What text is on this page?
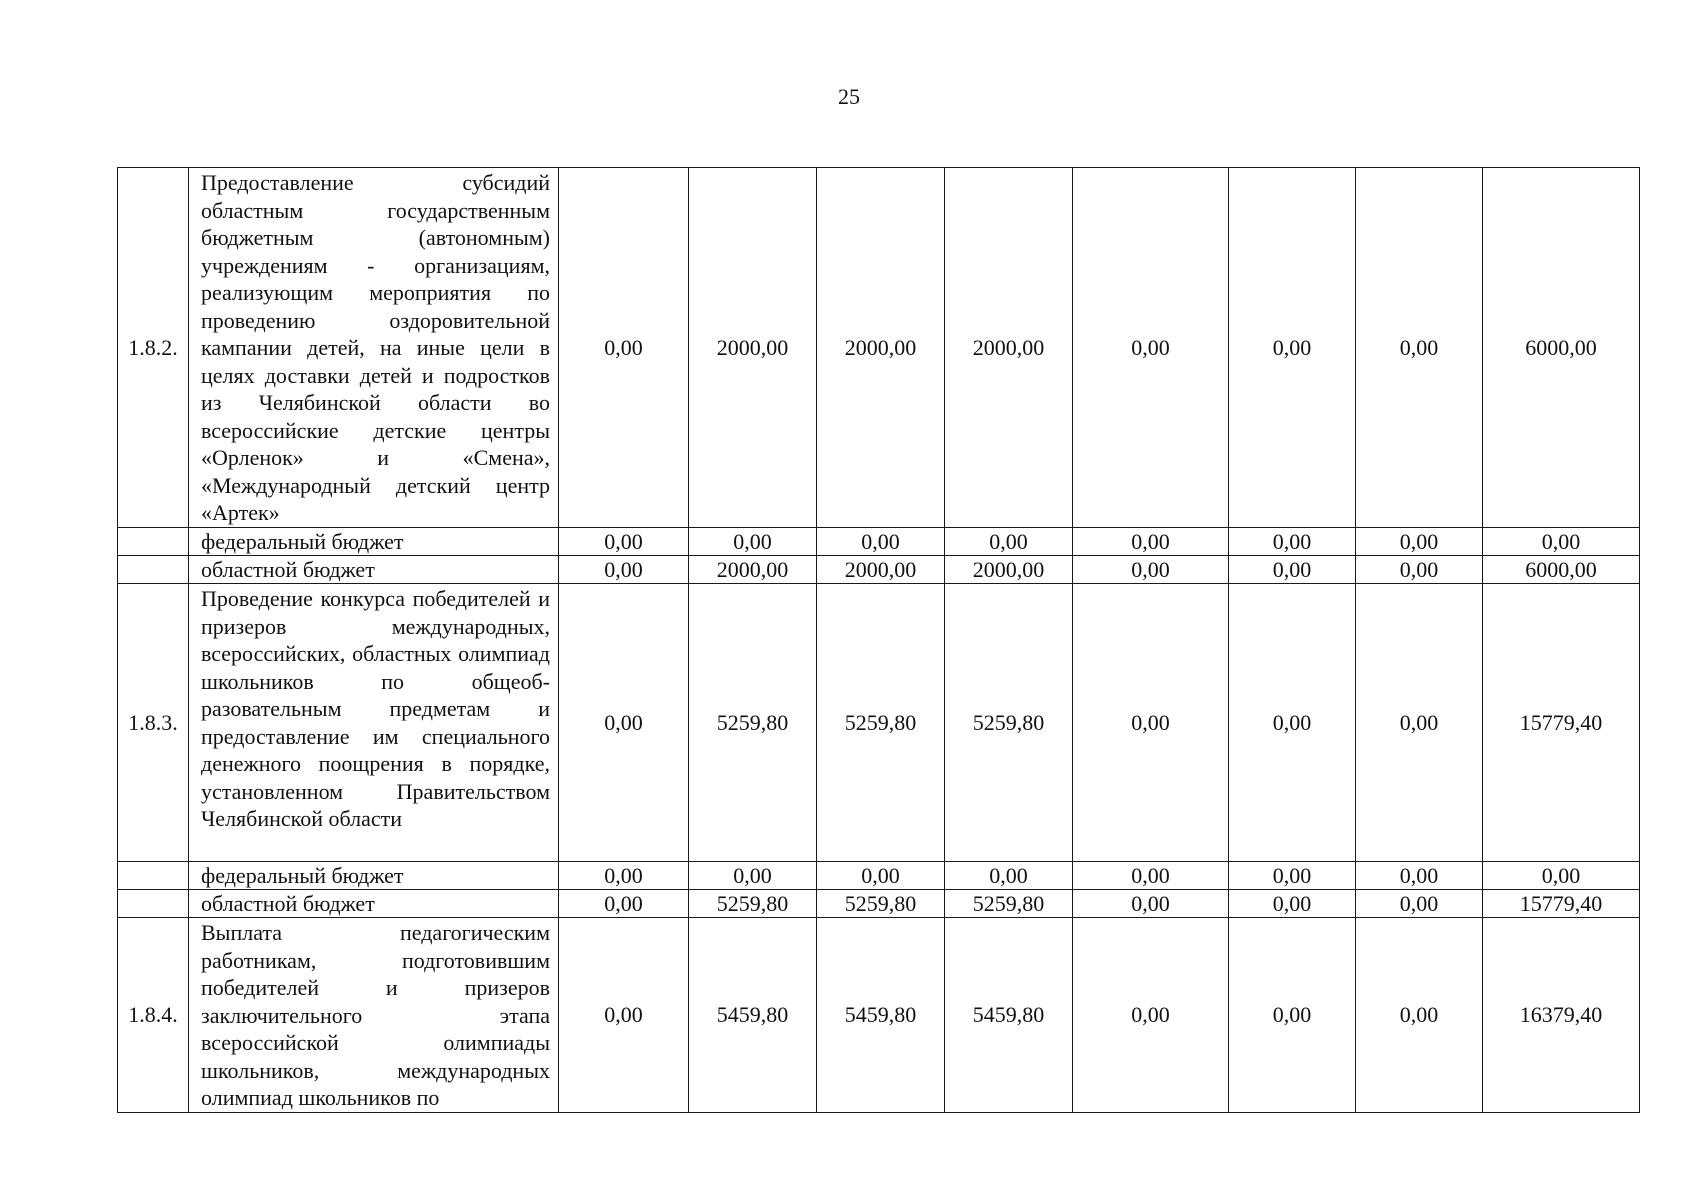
25
1.8.2.	Предоставление субсидий областным государственным бюджетным (автономным) учреждениям - организациям, реализующим мероприятия по проведению оздоровительной кампании детей, на иные цели в целях доставки детей и подростков из Челябинской области во всероссийские детские центры «Орленок» и «Смена», «Международный детский центр «Артек»	0,00	2000,00	2000,00	2000,00	0,00	0,00	0,00	6000,00
	федеральный бюджет	0,00	0,00	0,00	0,00	0,00	0,00	0,00	0,00
	областной бюджет	0,00	2000,00	2000,00	2000,00	0,00	0,00	0,00	6000,00
1.8.3.	Проведение конкурса победителей и призеров международных, всероссийских, областных олимпиад школьников по общеоб-разовательным предметам и предоставление им специального денежного поощрения в порядке, установленном Правительством Челябинской области	0,00	5259,80	5259,80	5259,80	0,00	0,00	0,00	15779,40
	федеральный бюджет	0,00	0,00	0,00	0,00	0,00	0,00	0,00	0,00
	областной бюджет	0,00	5259,80	5259,80	5259,80	0,00	0,00	0,00	15779,40
1.8.4.	Выплата педагогическим работникам, подготовившим победителей и призеров заключительного этапа всероссийской олимпиады школьников, международных олимпиад школьников по	0,00	5459,80	5459,80	5459,80	0,00	0,00	0,00	16379,40
